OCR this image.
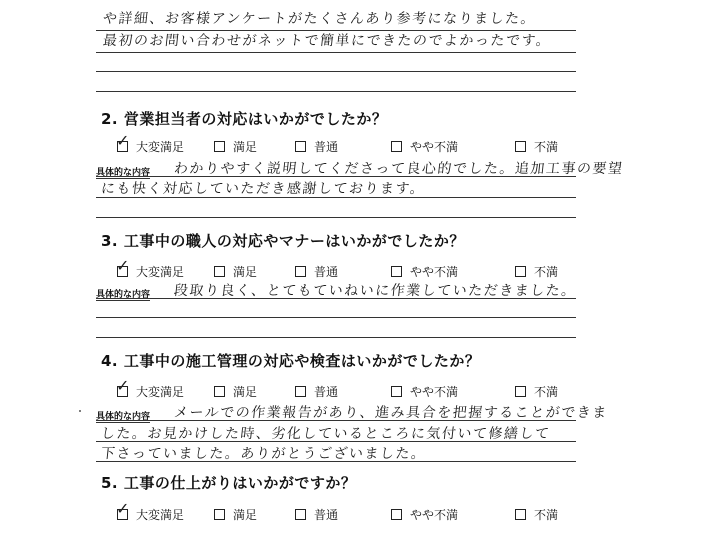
や詳細、お客様アンケートがたくさんあり参考になりました。
最初のお問い合わせがネットで簡単にできたのでよかったです。
2. 営業担当者の対応はいかがでしたか？
✓ 大変満足	満足	普通	やや不満	不満
具体的な内容 わかりやすく説明してくださって良心的でした。追加工事の要望
にも快く対応していただき感謝しております。
3. 工事中の職人の対応やマナーはいかがでしたか？
✓ 大変満足	満足	普通	やや不満	不満
具体的な内容 段取り良く、とてもていねいに作業していただきました。
4. 工事中の施工管理の対応や検査はいかがでしたか？
✓ 大変満足	満足	普通	やや不満	不満
具体的な内容 メールでの作業報告があり、進み具合を把握することができま
した。お見かけした時、劣化しているところに気付いて修繕して
下さっていました。ありがとうございました。
5. 工事の仕上がりはいかがですか？
✓ 大変満足	満足	普通	やや不満	不満
